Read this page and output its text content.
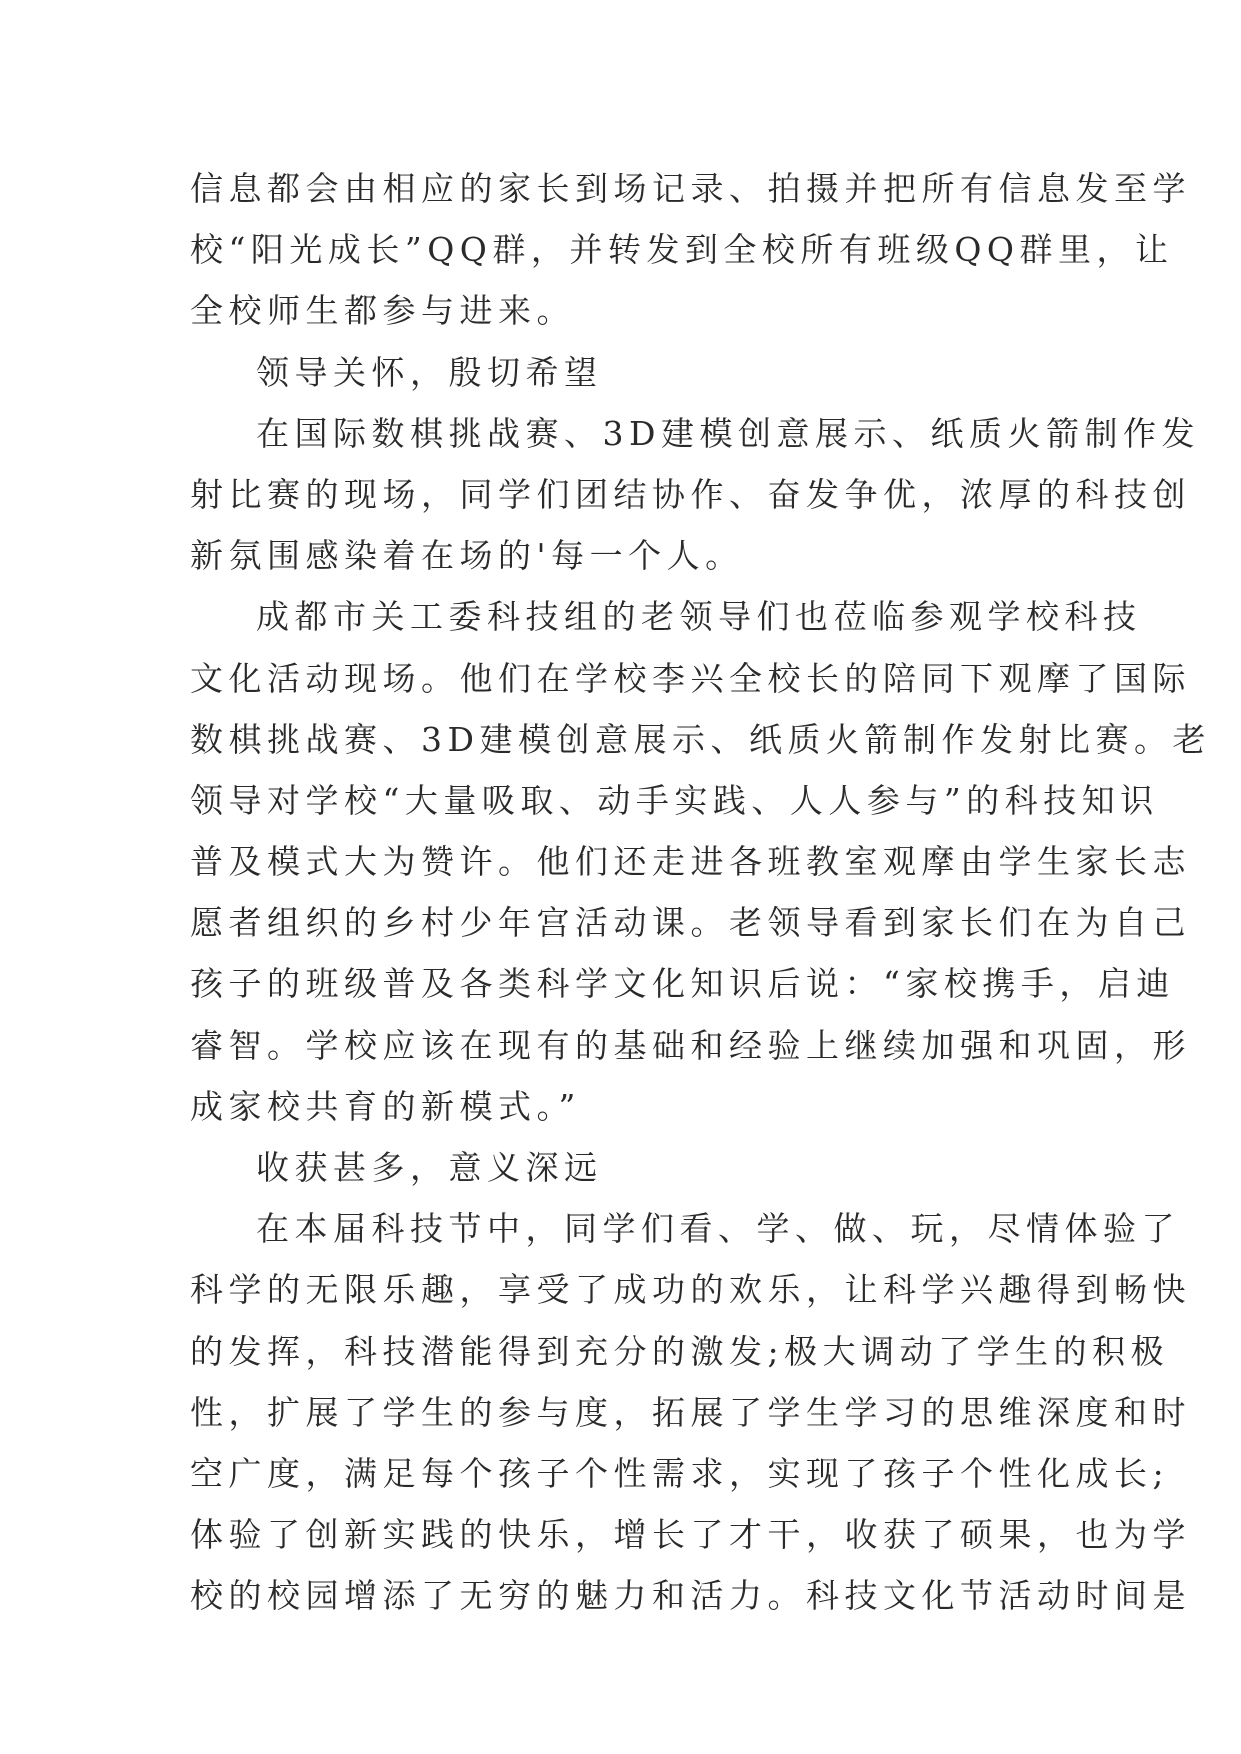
信息都会由相应的家长到场记录、拍摄并把所有信息发至学
校“阳光成长”QQ群，并转发到全校所有班级QQ群里，让
全校师生都参与进来。
领导关怀，殷切希望
在国际数棋挑战赛、3D建模创意展示、纸质火箭制作发
射比赛的现场，同学们团结协作、奋发争优，浓厚的科技创
新氛围感染着在场的'每一个人。
成都市关工委科技组的老领导们也莅临参观学校科技
文化活动现场。他们在学校李兴全校长的陪同下观摩了国际
数棋挑战赛、3D建模创意展示、纸质火箭制作发射比赛。老
领导对学校“大量吸取、动手实践、人人参与”的科技知识
普及模式大为赞许。他们还走进各班教室观摩由学生家长志
愿者组织的乡村少年宫活动课。老领导看到家长们在为自己
孩子的班级普及各类科学文化知识后说：“家校携手，启迪
睿智。学校应该在现有的基础和经验上继续加强和巩固，形
成家校共育的新模式。”
收获甚多，意义深远
在本届科技节中，同学们看、学、做、玩，尽情体验了
科学的无限乐趣，享受了成功的欢乐，让科学兴趣得到畅快
的发挥，科技潜能得到充分的激发;极大调动了学生的积极
性，扩展了学生的参与度，拓展了学生学习的思维深度和时
空广度，满足每个孩子个性需求，实现了孩子个性化成长;
体验了创新实践的快乐，增长了才干，收获了硕果，也为学
校的校园增添了无穷的魅力和活力。科技文化节活动时间是
